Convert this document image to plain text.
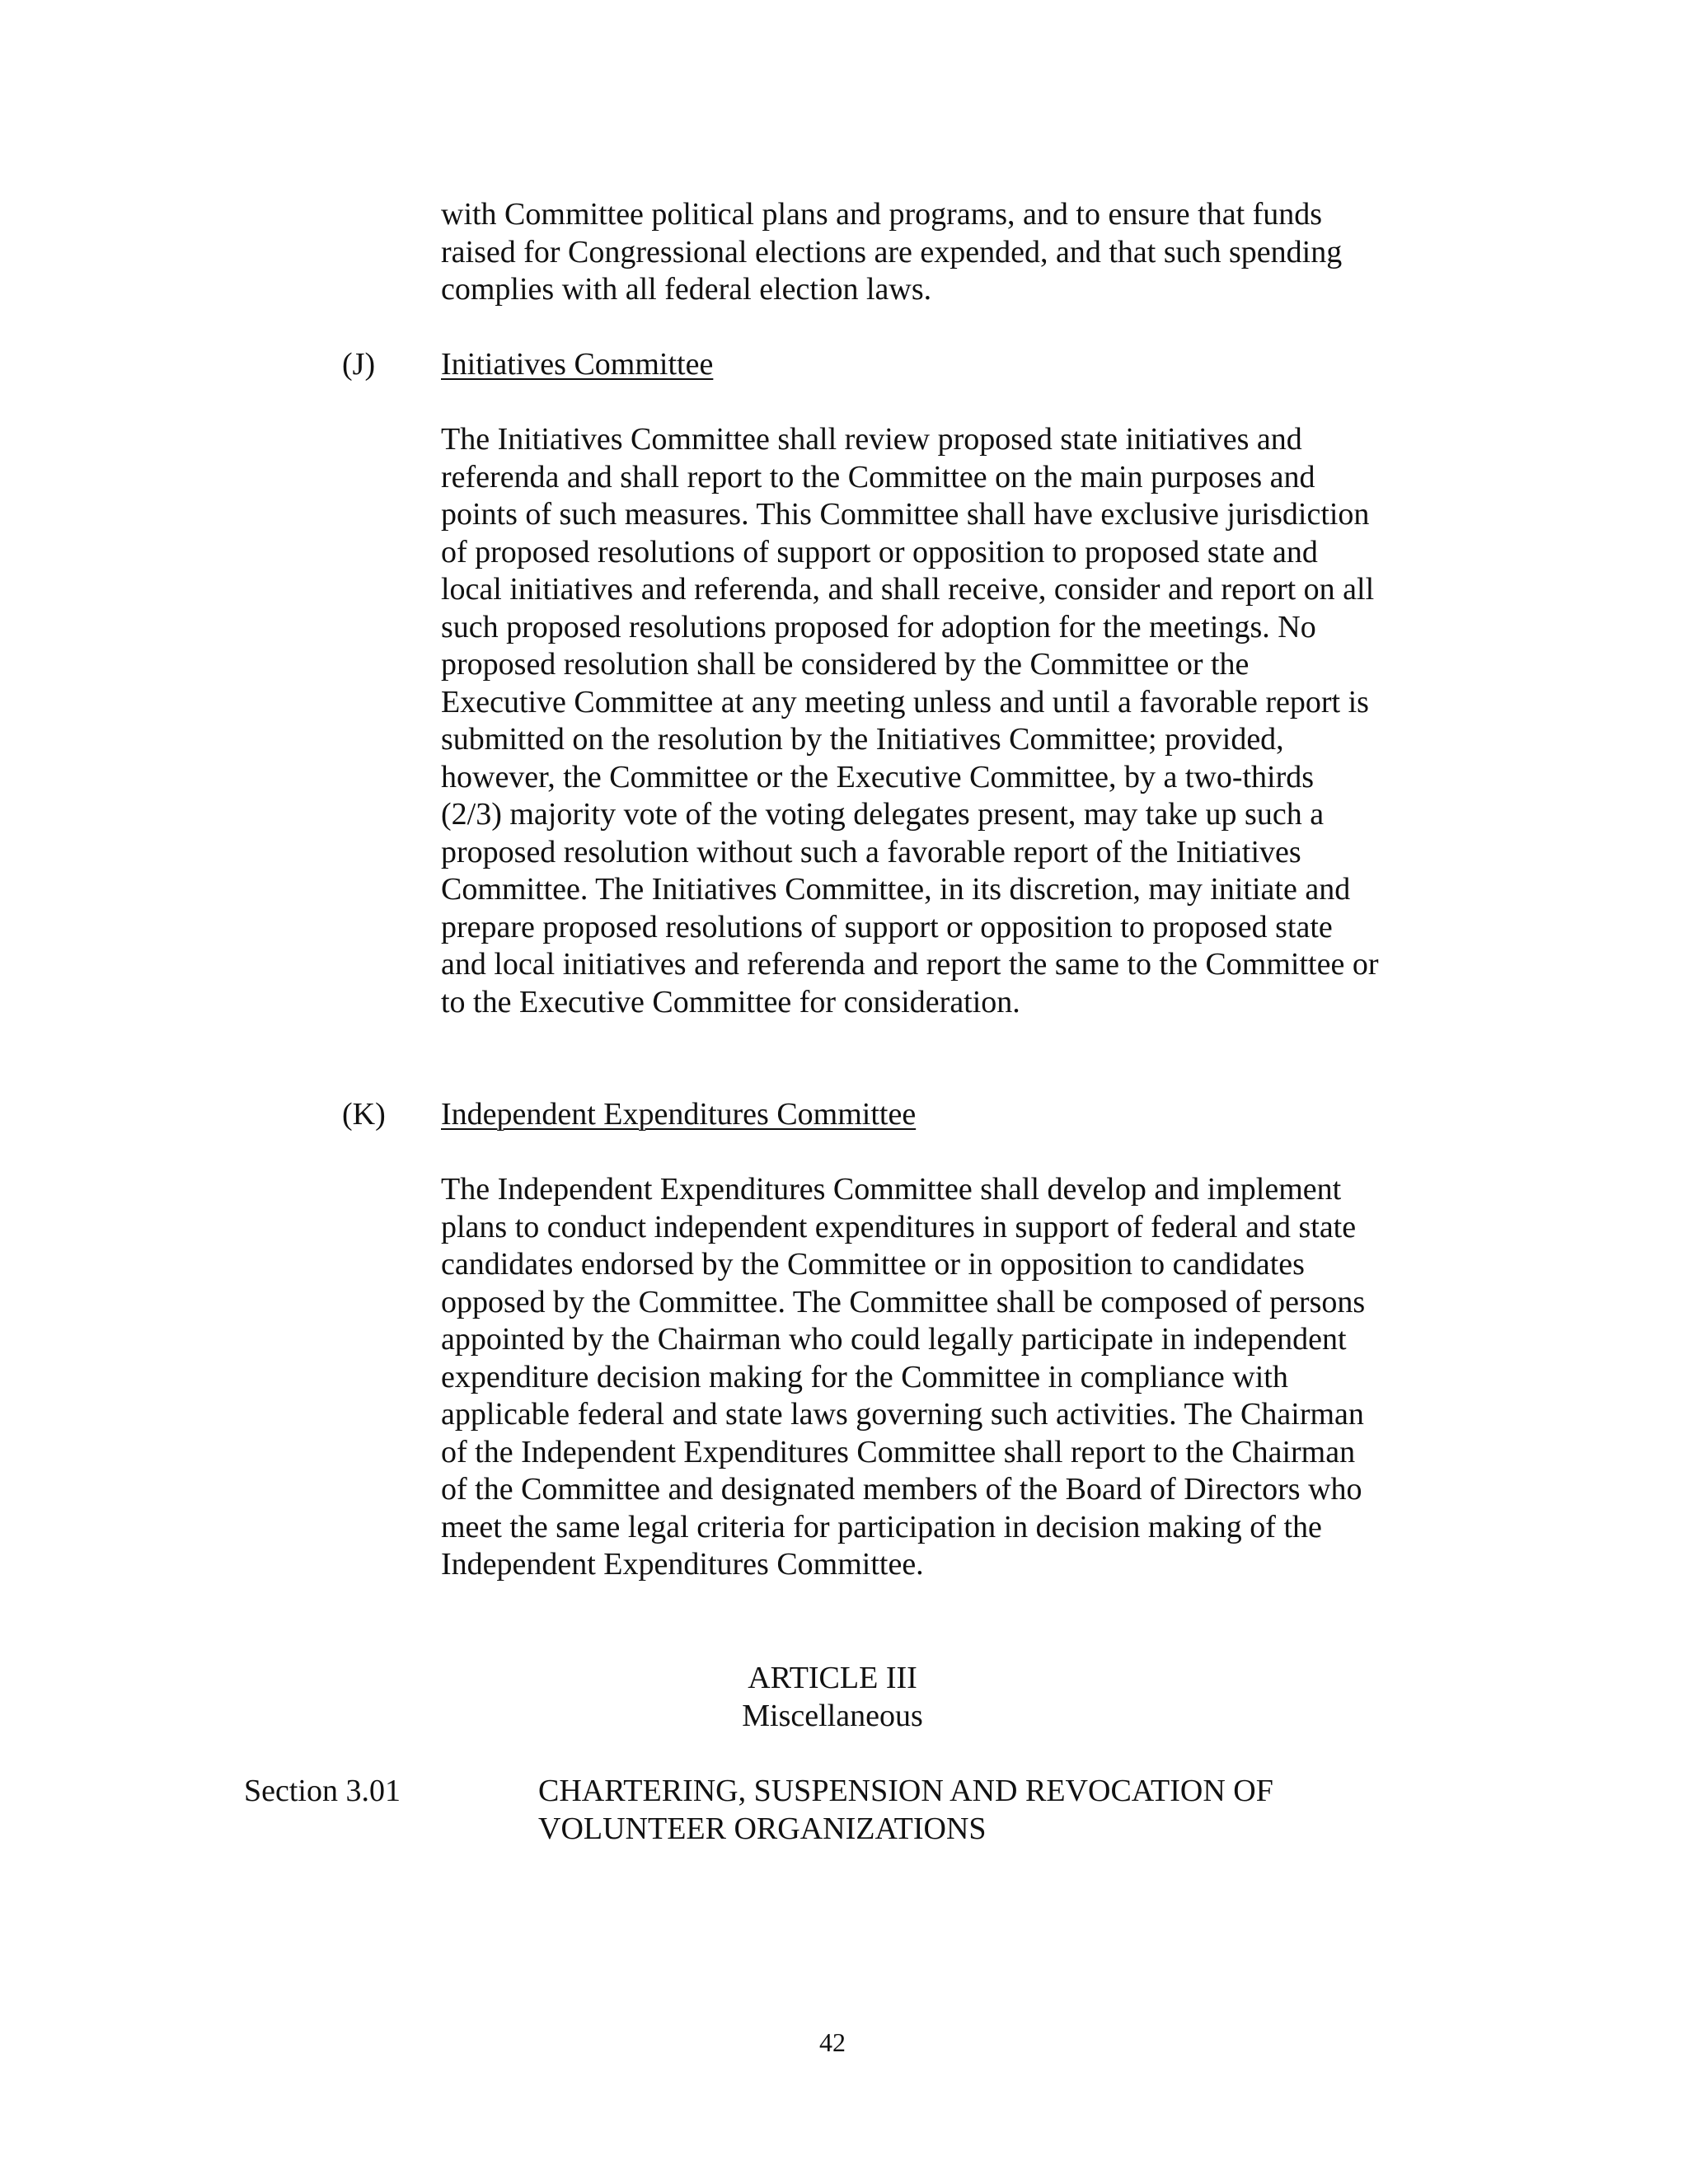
with Committee political plans and programs, and to ensure that funds
raised for Congressional elections are expended, and that such spending
complies with all federal election laws.

(J) Initiatives Committee

The Initiatives Committee shall review proposed state initiatives and
referenda and shall report to the Committee on the main purposes and
points of such measures. This Committee shall have exclusive jurisdiction
of proposed resolutions of support or opposition to proposed state and
local initiatives and referenda, and shall receive, consider and report on all
such proposed resolutions proposed for adoption for the meetings. No
proposed resolution shall be considered by the Committee or the
Executive Committee at any meeting unless and until a favorable report is
submitted on the resolution by the Initiatives Committee; provided,
however, the Committee or the Executive Committee, by a two-thirds
(2/3) majority vote of the voting delegates present, may take up such a
proposed resolution without such a favorable report of the Initiatives
Committee. The Initiatives Committee, in its discretion, may initiate and
prepare proposed resolutions of support or opposition to proposed state
and local initiatives and referenda and report the same to the Committee or
to the Executive Committee for consideration.

(K) Independent Expenditures Committee

The Independent Expenditures Committee shall develop and implement
plans to conduct independent expenditures in support of federal and state
candidates endorsed by the Committee or in opposition to candidates
opposed by the Committee. The Committee shall be composed of persons
appointed by the Chairman who could legally participate in independent
expenditure decision making for the Committee in compliance with
applicable federal and state laws governing such activities. The Chairman
of the Independent Expenditures Committee shall report to the Chairman
of the Committee and designated members of the Board of Directors who
meet the same legal criteria for participation in decision making of the
Independent Expenditures Committee.

ARTICLE III

Miscellaneous

Section 3.01	CHARTERING, SUSPENSION AND REVOCATION OF
VOLUNTEER ORGANIZATIONS

42
